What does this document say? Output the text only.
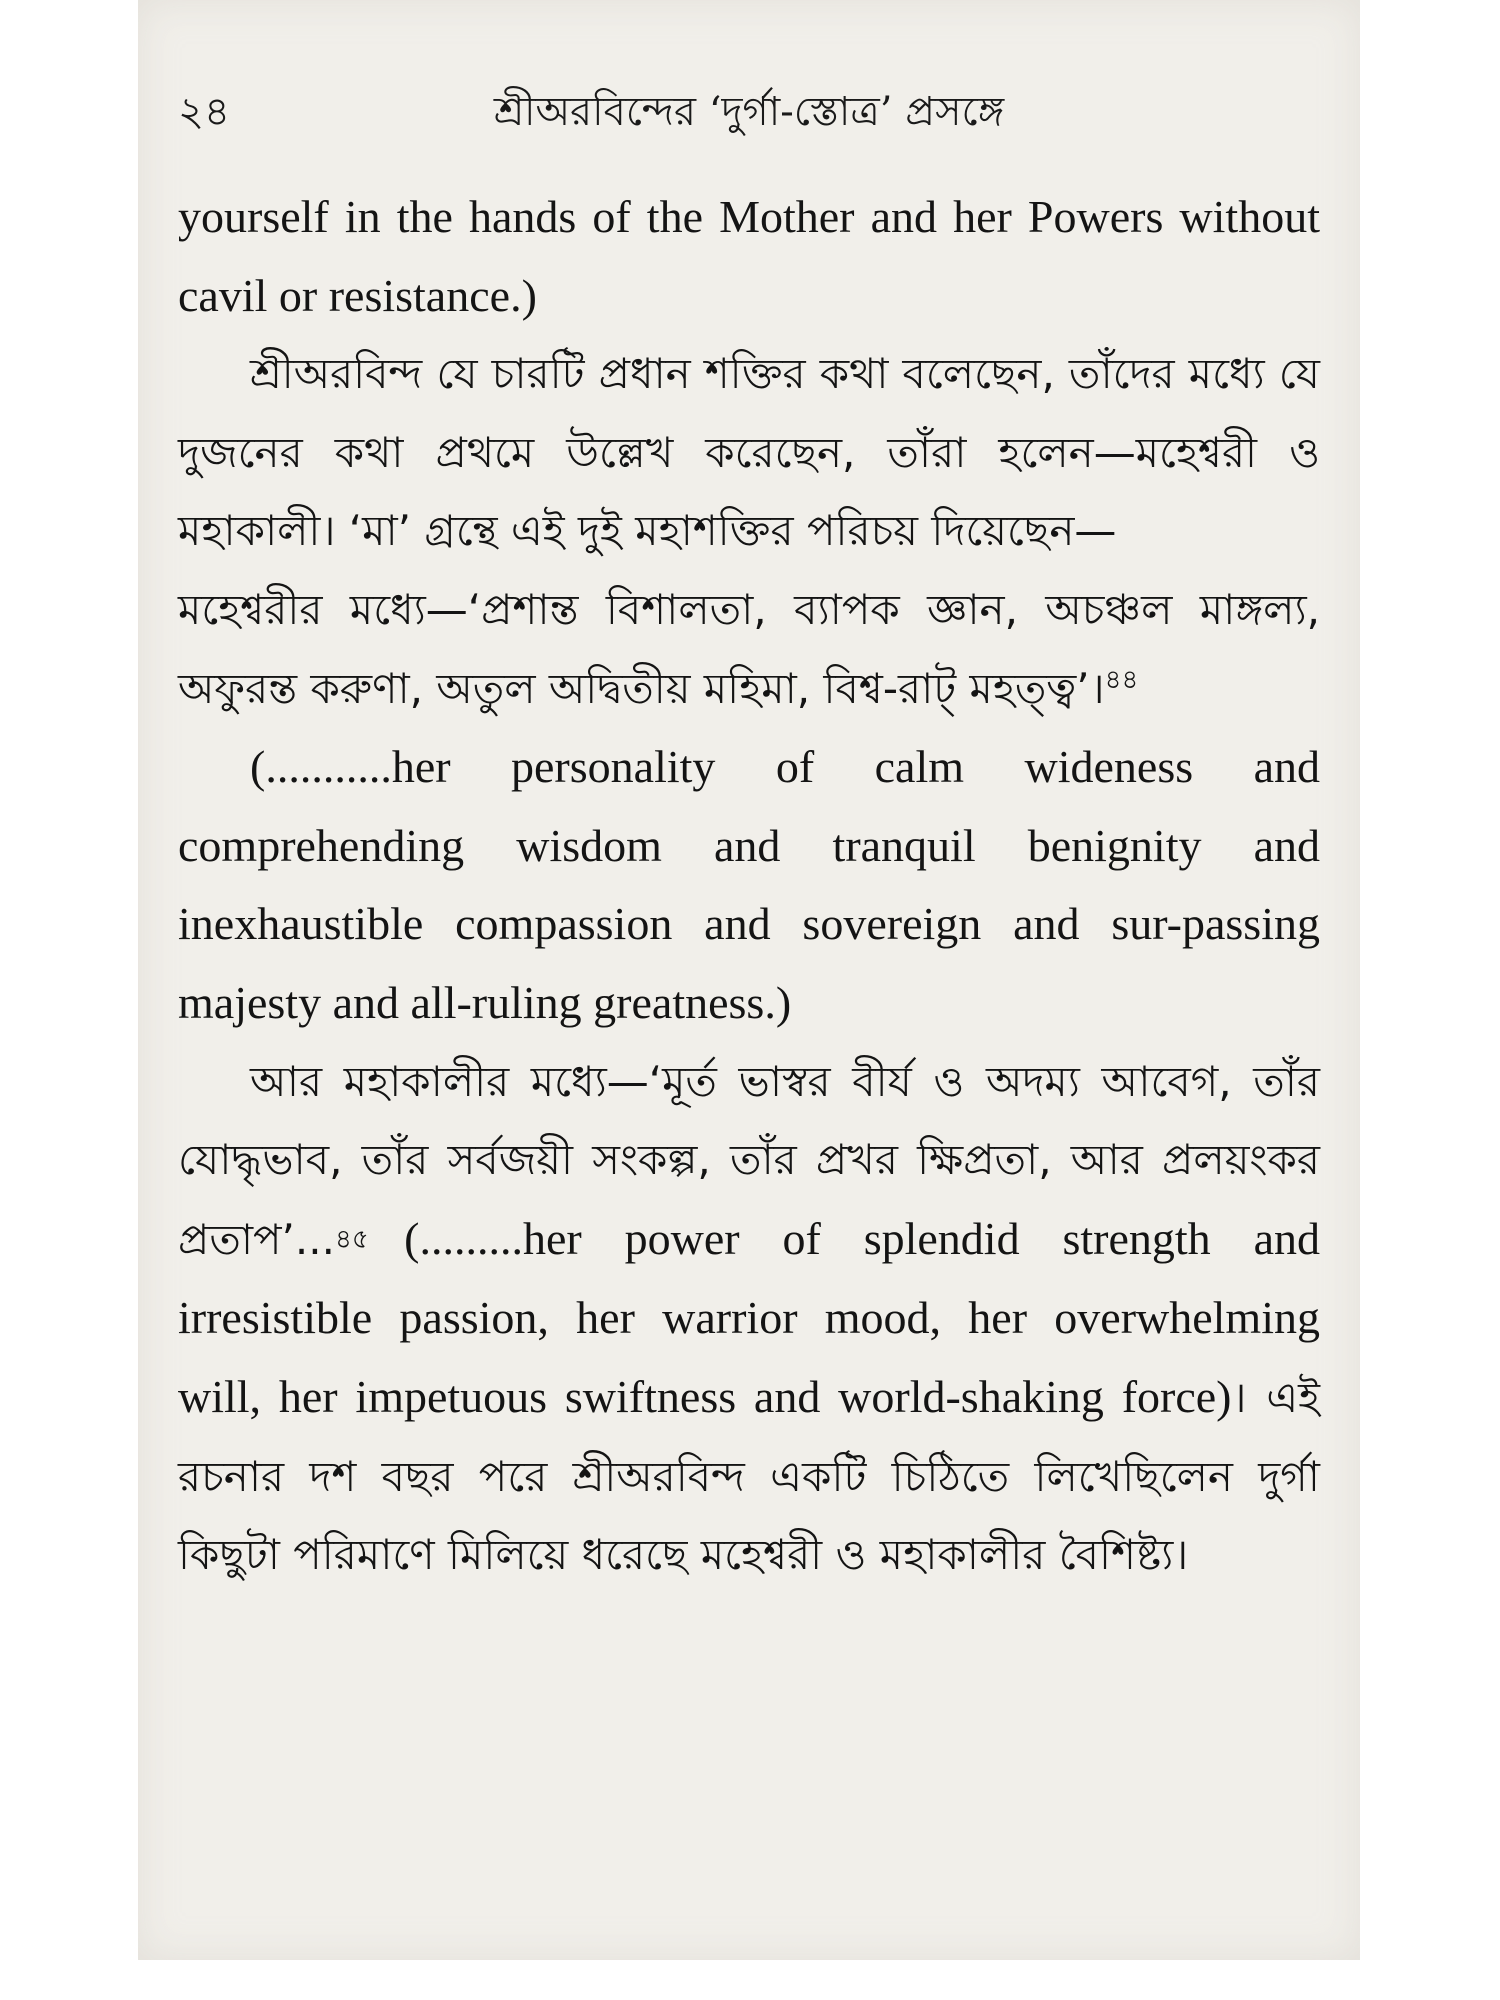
২৪	শ্রীঅরবিন্দের ‘দুর্গা-স্তোত্র’ প্রসঙ্গে

yourself in the hands of the Mother and her Powers without cavil or resistance.)

শ্রীঅরবিন্দ যে চারটি প্রধান শক্তির কথা বলেছেন, তাঁদের মধ্যে যে দুজনের কথা প্রথমে উল্লেখ করেছেন, তাঁরা হলেন—মহেশ্বরী ও মহাকালী। ‘মা’ গ্রন্থে এই দুই মহাশক্তির পরিচয় দিয়েছেন—

মহেশ্বরীর মধ্যে—‘প্রশান্ত বিশালতা, ব্যাপক জ্ঞান, অচঞ্চল মাঙ্গল্য, অফুরন্ত করুণা, অতুল অদ্বিতীয় মহিমা, বিশ্ব-রাট্ মহত্ত্ব’।$^{৪৪}$

(...........her personality of calm wideness and comprehending wisdom and tranquil benignity and inexhaustible compassion and sovereign and sur-passing majesty and all-ruling greatness.)

আর মহাকালীর মধ্যে—‘মূর্ত ভাস্বর বীর্য ও অদম্য আবেগ, তাঁর যোদ্ধৃভাব, তাঁর সর্বজয়ী সংকল্প, তাঁর প্রখর ক্ষিপ্রতা, আর প্রলয়ংকর প্রতাপ’...৪৫ (.........her power of splendid strength and irresistible passion, her warrior mood, her overwhelming will, her impetuous swiftness and world-shaking force)। এই রচনার দশ বছর পরে শ্রীঅরবিন্দ একটি চিঠিতে লিখেছিলেন দুর্গা কিছুটা পরিমাণে মিলিয়ে ধরেছে মহেশ্বরী ও মহাকালীর বৈশিষ্ট্য।
